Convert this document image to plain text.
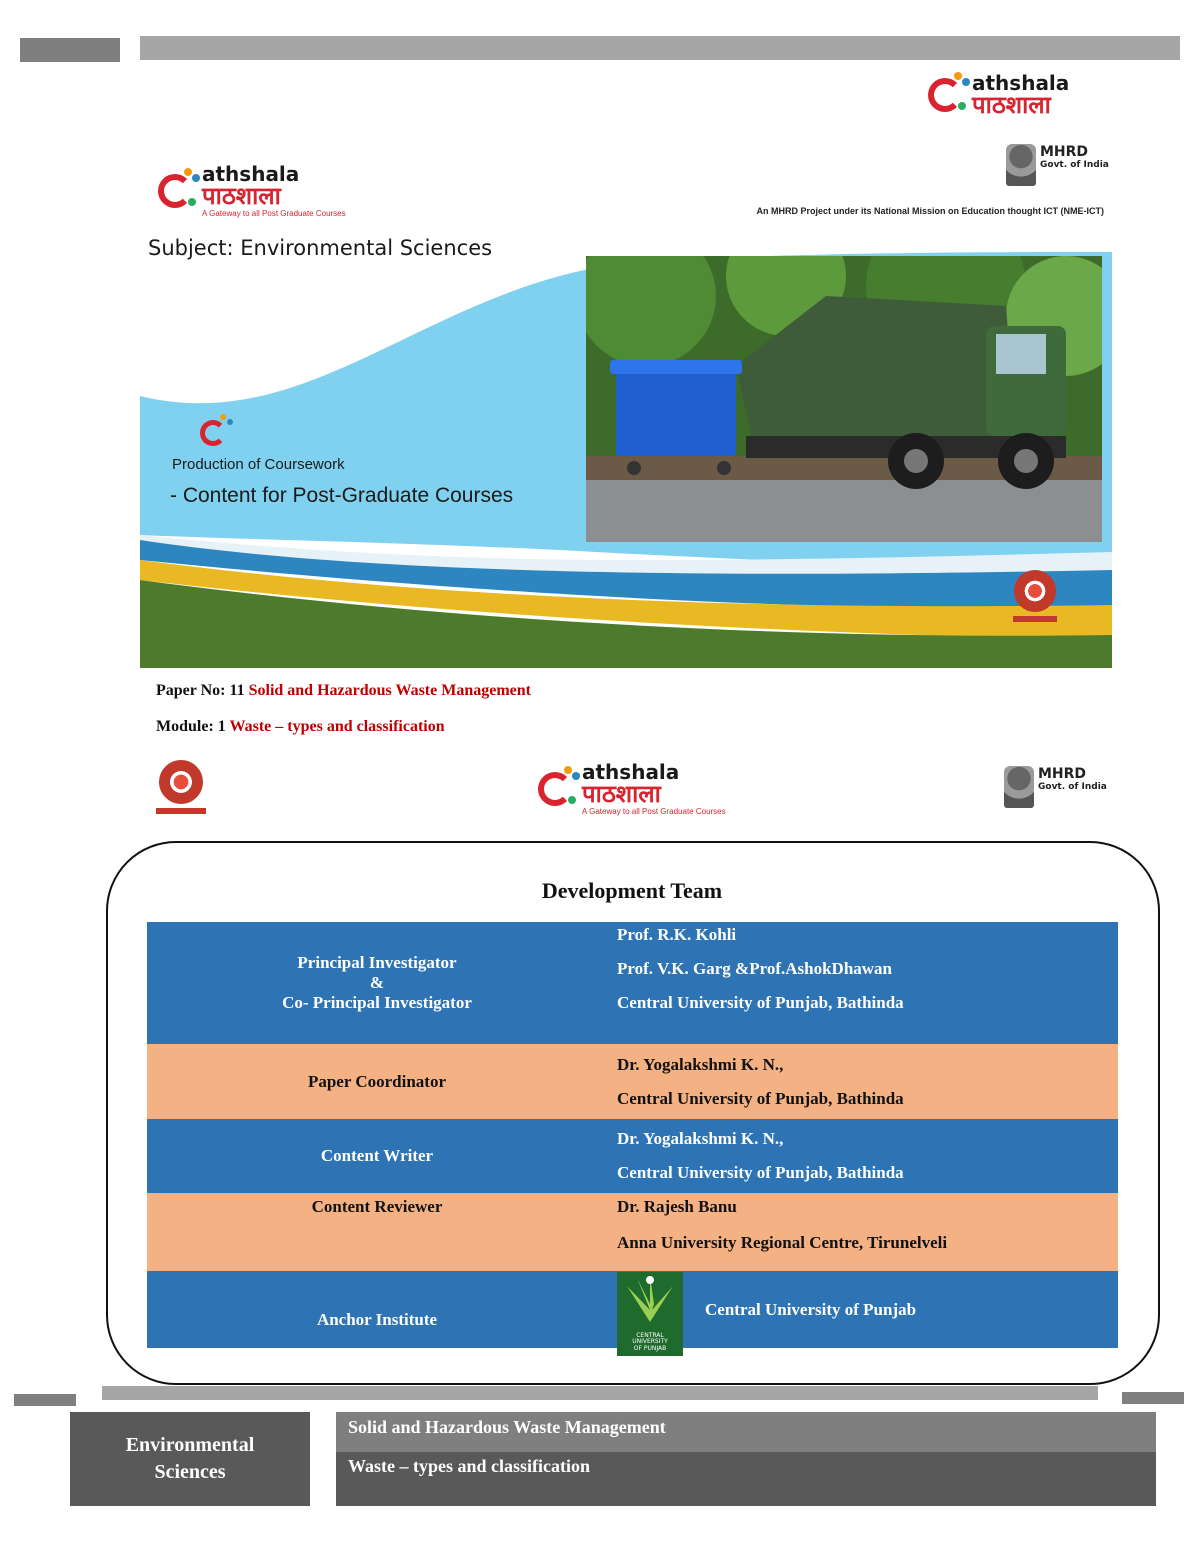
athshala
पाठशाला
athshala
पाठशाला
A Gateway to all Post Graduate Courses
MHRD
Govt. of India
An MHRD Project under its National Mission on Education thought ICT (NME-ICT)
Subject: Environmental Sciences
Production of Coursework
- Content for Post-Graduate Courses
Paper No: 11 Solid and Hazardous Waste Management
Module: 1 Waste – types and classification
athshala
पाठशाला
A Gateway to all Post Graduate Courses
MHRD
Govt. of India
Development Team
Principal Investigator
&
Co- Principal Investigator
Prof. R.K. Kohli
Prof. V.K. Garg &Prof.AshokDhawan
Central University of Punjab, Bathinda
Paper Coordinator
Dr. Yogalakshmi K. N.,
Central University of Punjab, Bathinda
Content Writer
Dr. Yogalakshmi K. N.,
Central University of Punjab, Bathinda
Content Reviewer	Dr. Rajesh Banu
Anna University Regional Centre, Tirunelveli
Anchor Institute
CENTRAL
UNIVERSITY
OF PUNJAB
Central University of Punjab
Environmental
Sciences
Solid and Hazardous Waste Management
Waste – types and classification
